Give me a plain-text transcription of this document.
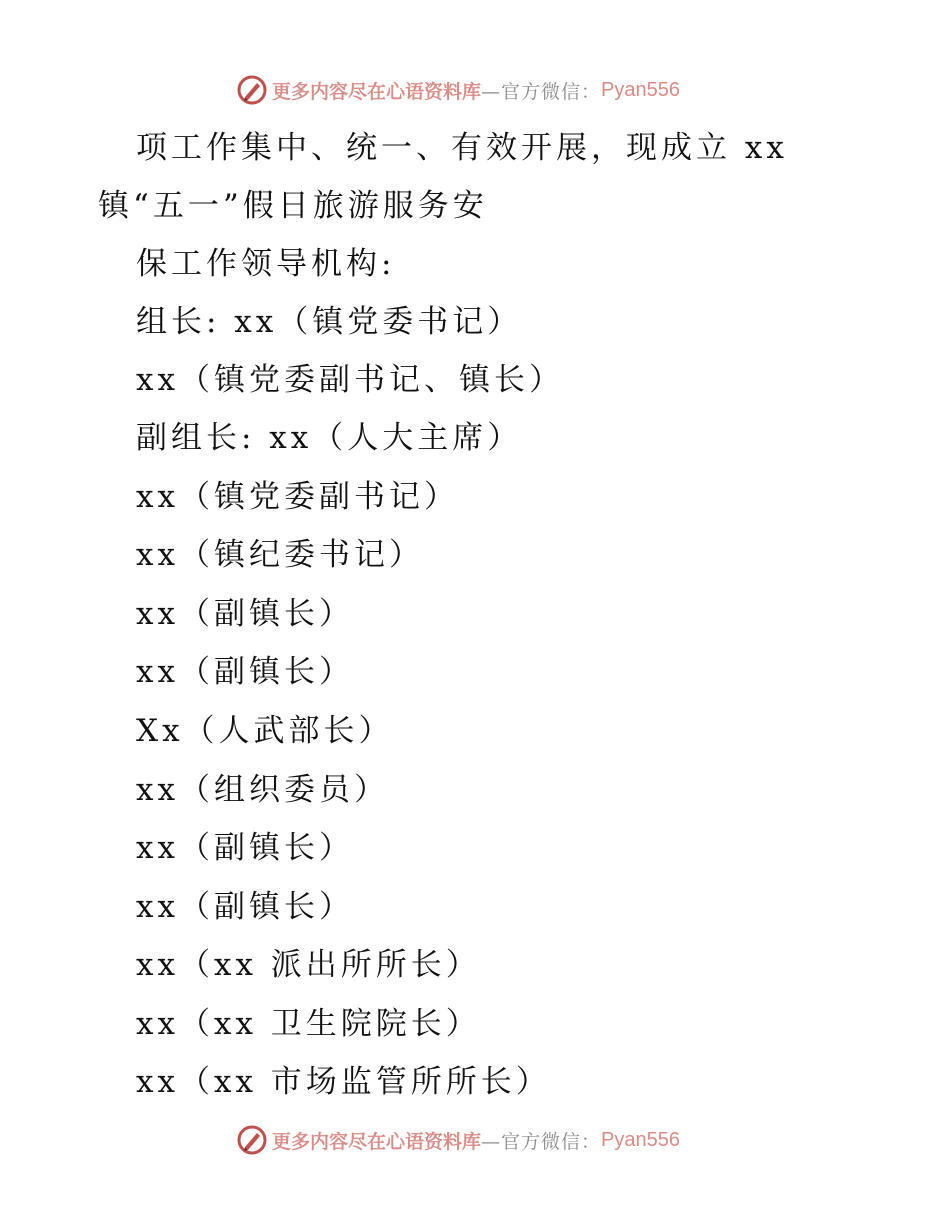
更多内容尽在心语资料库 —官方微信： Pyan556
项工作集中、统一、有效开展，现成立 xx
镇“五一”假日旅游服务安
保工作领导机构:
组长: xx（镇党委书记）
xx（镇党委副书记、镇长）
副组长: xx（人大主席）
xx（镇党委副书记）
xx（镇纪委书记）
xx（副镇长）
xx（副镇长）
Xx（人武部长）
xx（组织委员）
xx（副镇长）
xx（副镇长）
xx（xx 派出所所长）
xx（xx 卫生院院长）
xx（xx 市场监管所所长）
更多内容尽在心语资料库 —官方微信： Pyan556
